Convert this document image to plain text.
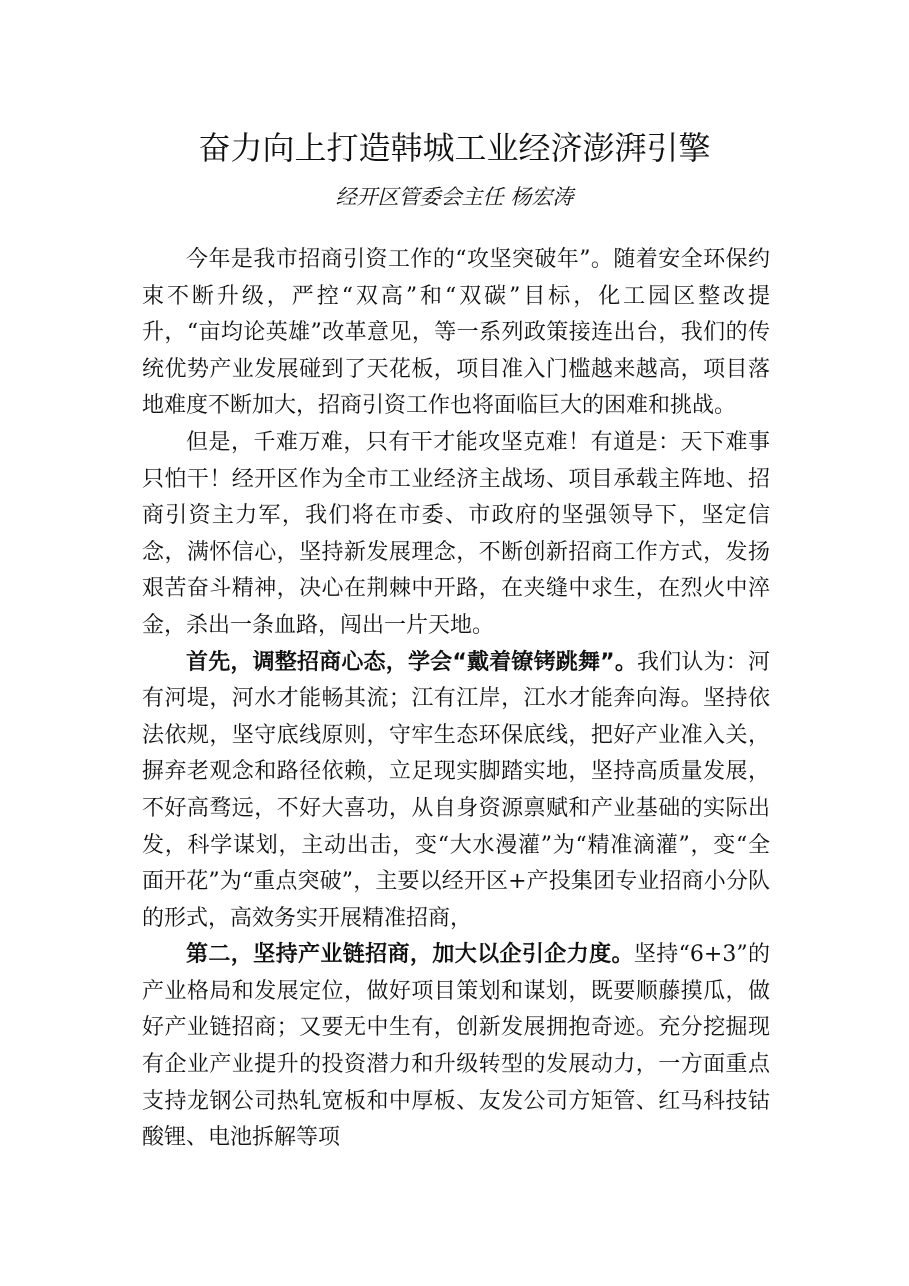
奋力向上打造韩城工业经济澎湃引擎
经开区管委会主任 杨宏涛

今年是我市招商引资工作的“攻坚突破年”。随着安全环保约束不断升级，严控“双高”和“双碳”目标，化工园区整改提升，“亩均论英雄”改革意见，等一系列政策接连出台，我们的传统优势产业发展碰到了天花板，项目准入门槛越来越高，项目落地难度不断加大，招商引资工作也将面临巨大的困难和挑战。

但是，千难万难，只有干才能攻坚克难！有道是：天下难事只怕干！经开区作为全市工业经济主战场、项目承载主阵地、招商引资主力军，我们将在市委、市政府的坚强领导下，坚定信念，满怀信心，坚持新发展理念，不断创新招商工作方式，发扬艰苦奋斗精神，决心在荆棘中开路，在夹缝中求生，在烈火中淬金，杀出一条血路，闯出一片天地。

首先，调整招商心态，学会“戴着镣铐跳舞”。我们认为：河有河堤，河水才能畅其流；江有江岸，江水才能奔向海。坚持依法依规，坚守底线原则，守牢生态环保底线，把好产业准入关，摒弃老观念和路径依赖，立足现实脚踏实地，坚持高质量发展，不好高骛远，不好大喜功，从自身资源禀赋和产业基础的实际出发，科学谋划，主动出击，变“大水漫灌”为“精准滴灌”，变“全面开花”为“重点突破”，主要以经开区+产投集团专业招商小分队的形式，高效务实开展精准招商，

第二，坚持产业链招商，加大以企引企力度。坚持“6+3”的产业格局和发展定位，做好项目策划和谋划，既要顺藤摸瓜，做好产业链招商；又要无中生有，创新发展拥抱奇迹。充分挖掘现有企业产业提升的投资潜力和升级转型的发展动力，一方面重点支持龙钢公司热轧宽板和中厚板、友发公司方矩管、红马科技钴酸锂、电池拆解等项
